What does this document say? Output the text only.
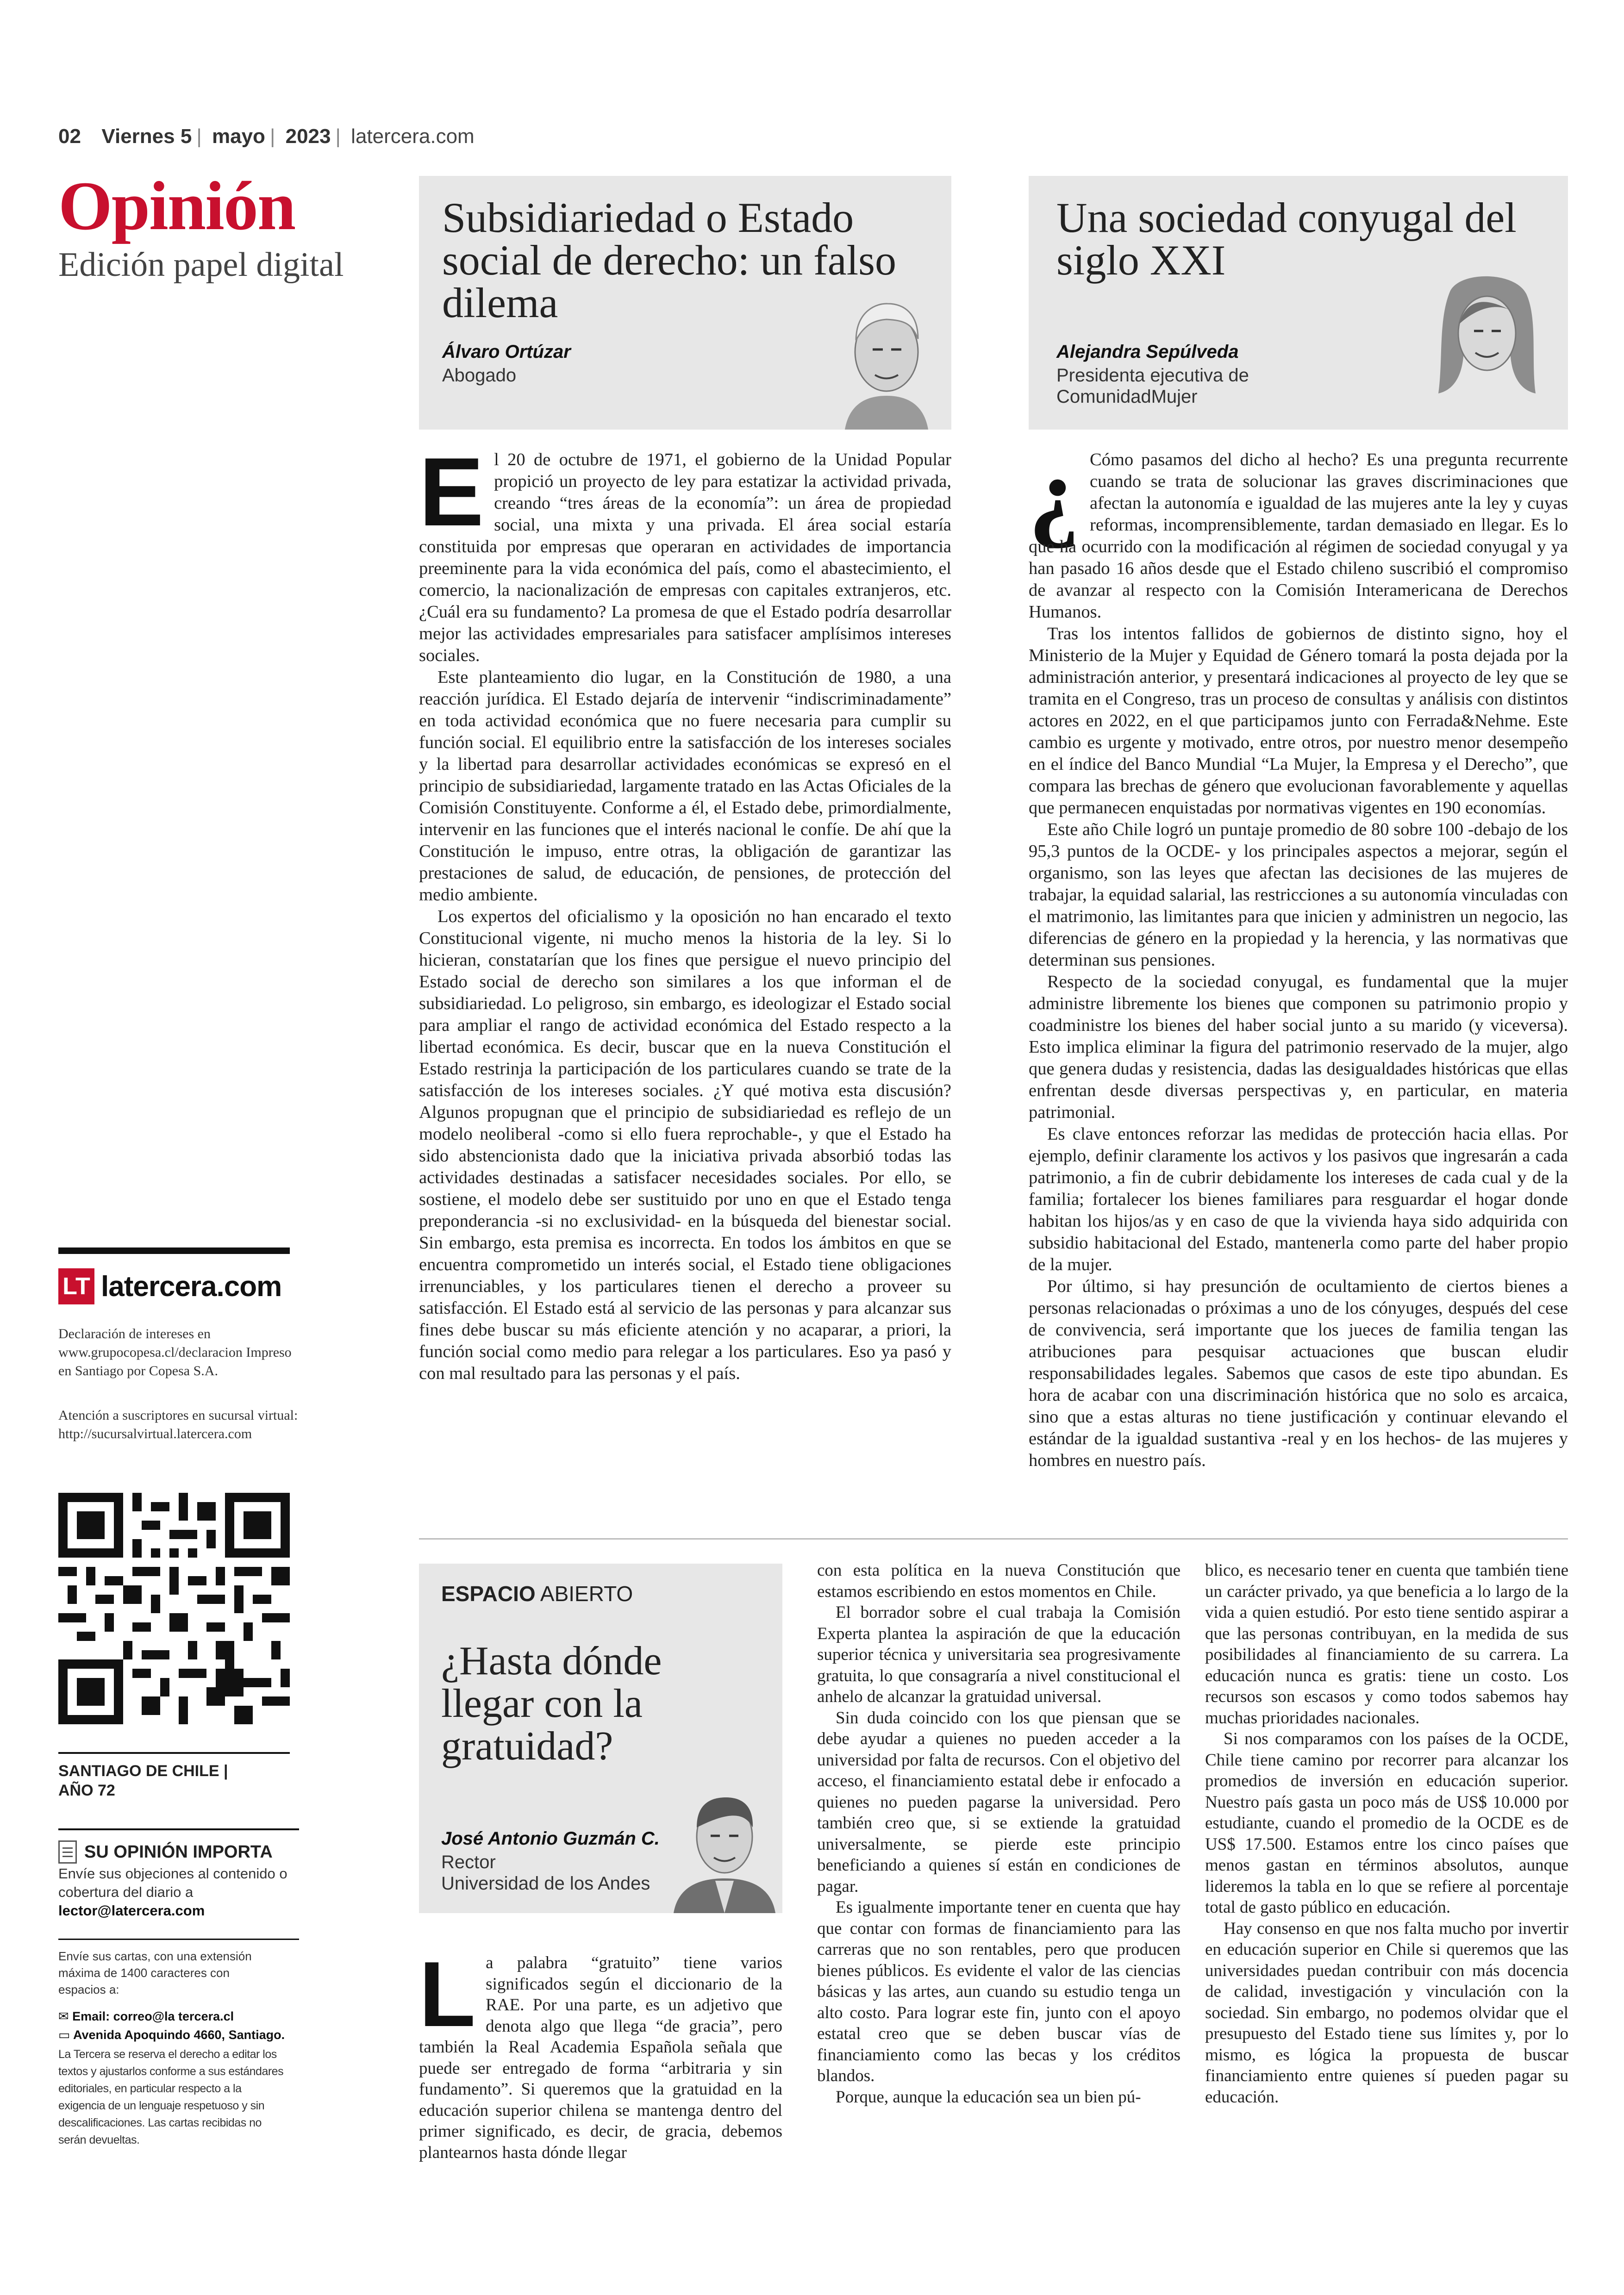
02 Viernes 5 | mayo | 2023 | latercera.com
Opinión
Edición papel digital
LT latercera.com
Declaración de intereses en www.grupocopesa.cl/declaracion Impreso en Santiago por Copesa S.A.
Atención a suscriptores en sucursal virtual: http://sucursalvirtual.latercera.com
SANTIAGO DE CHILE |
AÑO 72
SU OPINIÓN IMPORTA
Envíe sus objeciones al contenido o cobertura del diario a
lector@latercera.com
Envíe sus cartas, con una extensión máxima de 1400 caracteres con espacios a:
✉ Email: correo@la tercera.cl
▭ Avenida Apoquindo 4660, Santiago.
La Tercera se reserva el derecho a editar los textos y ajustarlos conforme a sus estándares editoriales, en particular respecto a la exigencia de un lenguaje respetuoso y sin descalificaciones. Las cartas recibidas no serán devueltas.
Subsidiariedad o Estado social de derecho: un falso dilema
Álvaro Ortúzar
Abogado
E l 20 de octubre de 1971, el gobierno de la Unidad Popular propició un proyecto de ley para estatizar la actividad privada, creando “tres áreas de la economía”: un área de propiedad social, una mixta y una privada. El área social estaría constituida por empresas que operaran en actividades de importancia preeminente para la vida económica del país, como el abastecimiento, el comercio, la nacionalización de empresas con capitales extranjeros, etc. ¿Cuál era su fundamento? La promesa de que el Estado podría desarrollar mejor las actividades empresariales para satisfacer amplísimos intereses sociales.

Este planteamiento dio lugar, en la Constitución de 1980, a una reacción jurídica. El Estado dejaría de intervenir “indiscriminadamente” en toda actividad económica que no fuere necesaria para cumplir su función social. El equilibrio entre la satisfacción de los intereses sociales y la libertad para desarrollar actividades económicas se expresó en el principio de subsidiariedad, largamente tratado en las Actas Oficiales de la Comisión Constituyente. Conforme a él, el Estado debe, primordialmente, intervenir en las funciones que el interés nacional le confíe. De ahí que la Constitución le impuso, entre otras, la obligación de garantizar las prestaciones de salud, de educación, de pensiones, de protección del medio ambiente.

Los expertos del oficialismo y la oposición no han encarado el texto Constitucional vigente, ni mucho menos la historia de la ley. Si lo hicieran, constatarían que los fines que persigue el nuevo principio del Estado social de derecho son similares a los que informan el de subsidiariedad. Lo peligroso, sin embargo, es ideologizar el Estado social para ampliar el rango de actividad económica del Estado respecto a la libertad económica. Es decir, buscar que en la nueva Constitución el Estado restrinja la participación de los particulares cuando se trate de la satisfacción de los intereses sociales. ¿Y qué motiva esta discusión? Algunos propugnan que el principio de subsidiariedad es reflejo de un modelo neoliberal -como si ello fuera reprochable-, y que el Estado ha sido abstencionista dado que la iniciativa privada absorbió todas las actividades destinadas a satisfacer necesidades sociales. Por ello, se sostiene, el modelo debe ser sustituido por uno en que el Estado tenga preponderancia -si no exclusividad- en la búsqueda del bienestar social. Sin embargo, esta premisa es incorrecta. En todos los ámbitos en que se encuentra comprometido un interés social, el Estado tiene obligaciones irrenunciables, y los particulares tienen el derecho a proveer su satisfacción. El Estado está al servicio de las personas y para alcanzar sus fines debe buscar su más eficiente atención y no acaparar, a priori, la función social como medio para relegar a los particulares. Eso ya pasó y con mal resultado para las personas y el país.

Una sociedad conyugal del siglo XXI
Alejandra Sepúlveda
Presidenta ejecutiva de ComunidadMujer
¿ Cómo pasamos del dicho al hecho? Es una pregunta recurrente cuando se trata de solucionar las graves discriminaciones que afectan la autonomía e igualdad de las mujeres ante la ley y cuyas reformas, incomprensiblemente, tardan demasiado en llegar. Es lo que ha ocurrido con la modificación al régimen de sociedad conyugal y ya han pasado 16 años desde que el Estado chileno suscribió el compromiso de avanzar al respecto con la Comisión Interamericana de Derechos Humanos.

Tras los intentos fallidos de gobiernos de distinto signo, hoy el Ministerio de la Mujer y Equidad de Género tomará la posta dejada por la administración anterior, y presentará indicaciones al proyecto de ley que se tramita en el Congreso, tras un proceso de consultas y análisis con distintos actores en 2022, en el que participamos junto con Ferrada&Nehme. Este cambio es urgente y motivado, entre otros, por nuestro menor desempeño en el índice del Banco Mundial “La Mujer, la Empresa y el Derecho”, que compara las brechas de género que evolucionan favorablemente y aquellas que permanecen enquistadas por normativas vigentes en 190 economías.

Este año Chile logró un puntaje promedio de 80 sobre 100 -debajo de los 95,3 puntos de la OCDE- y los principales aspectos a mejorar, según el organismo, son las leyes que afectan las decisiones de las mujeres de trabajar, la equidad salarial, las restricciones a su autonomía vinculadas con el matrimonio, las limitantes para que inicien y administren un negocio, las diferencias de género en la propiedad y la herencia, y las normativas que determinan sus pensiones.

Respecto de la sociedad conyugal, es fundamental que la mujer administre libremente los bienes que componen su patrimonio propio y coadministre los bienes del haber social junto a su marido (y viceversa). Esto implica eliminar la figura del patrimonio reservado de la mujer, algo que genera dudas y resistencia, dadas las desigualdades históricas que ellas enfrentan desde diversas perspectivas y, en particular, en materia patrimonial.

Es clave entonces reforzar las medidas de protección hacia ellas. Por ejemplo, definir claramente los activos y los pasivos que ingresarán a cada patrimonio, a fin de cubrir debidamente los intereses de cada cual y de la familia; fortalecer los bienes familiares para resguardar el hogar donde habitan los hijos/as y en caso de que la vivienda haya sido adquirida con subsidio habitacional del Estado, mantenerla como parte del haber propio de la mujer.

Por último, si hay presunción de ocultamiento de ciertos bienes a personas relacionadas o próximas a uno de los cónyuges, después del cese de convivencia, será importante que los jueces de familia tengan las atribuciones para pesquisar actuaciones que buscan eludir responsabilidades legales. Sabemos que casos de este tipo abundan. Es hora de acabar con una discriminación histórica que no solo es arcaica, sino que a estas alturas no tiene justificación y continuar elevando el estándar de la igualdad sustantiva -real y en los hechos- de las mujeres y hombres en nuestro país.

ESPACIO ABIERTO
¿Hasta dónde llegar con la gratuidad?
José Antonio Guzmán C.
Rector
Universidad de los Andes
L a palabra “gratuito” tiene varios significados según el diccionario de la RAE. Por una parte, es un adjetivo que denota algo que llega “de gracia”, pero también la Real Academia Española señala que puede ser entregado de forma “arbitraria y sin fundamento”. Si queremos que la gratuidad en la educación superior chilena se mantenga dentro del primer significado, es decir, de gracia, debemos plantearnos hasta dónde llegar

con esta política en la nueva Constitución que estamos escribiendo en estos momentos en Chile.

El borrador sobre el cual trabaja la Comisión Experta plantea la aspiración de que la educación superior técnica y universitaria sea progresivamente gratuita, lo que consagraría a nivel constitucional el anhelo de alcanzar la gratuidad universal.

Sin duda coincido con los que piensan que se debe ayudar a quienes no pueden acceder a la universidad por falta de recursos. Con el objetivo del acceso, el financiamiento estatal debe ir enfocado a quienes no pueden pagarse la universidad. Pero también creo que, si se extiende la gratuidad universalmente, se pierde este principio beneficiando a quienes sí están en condiciones de pagar.

Es igualmente importante tener en cuenta que hay que contar con formas de financiamiento para las carreras que no son rentables, pero que producen bienes públicos. Es evidente el valor de las ciencias básicas y las artes, aun cuando su estudio tenga un alto costo. Para lograr este fin, junto con el apoyo estatal creo que se deben buscar vías de financiamiento como las becas y los créditos blandos.

Porque, aunque la educación sea un bien pú-

blico, es necesario tener en cuenta que también tiene un carácter privado, ya que beneficia a lo largo de la vida a quien estudió. Por esto tiene sentido aspirar a que las personas contribuyan, en la medida de sus posibilidades al financiamiento de su carrera. La educación nunca es gratis: tiene un costo. Los recursos son escasos y como todos sabemos hay muchas prioridades nacionales.

Si nos comparamos con los países de la OCDE, Chile tiene camino por recorrer para alcanzar los promedios de inversión en educación superior. Nuestro país gasta un poco más de US$ 10.000 por estudiante, cuando el promedio de la OCDE es de US$ 17.500. Estamos entre los cinco países que menos gastan en términos absolutos, aunque lideremos la tabla en lo que se refiere al porcentaje total de gasto público en educación.

Hay consenso en que nos falta mucho por invertir en educación superior en Chile si queremos que las universidades puedan contribuir con más docencia de calidad, investigación y vinculación con la sociedad. Sin embargo, no podemos olvidar que el presupuesto del Estado tiene sus límites y, por lo mismo, es lógica la propuesta de buscar financiamiento entre quienes sí pueden pagar su educación.
